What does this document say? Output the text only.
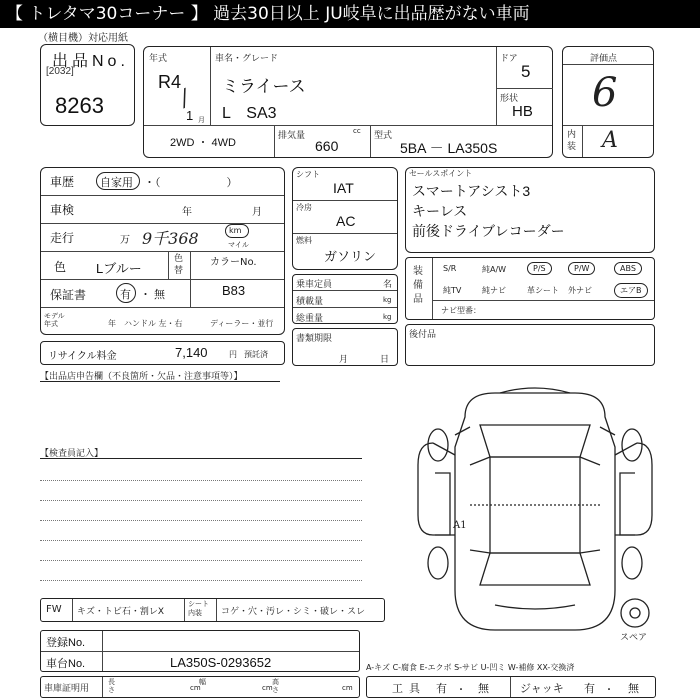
【 トレタマ30コーナー 】 過去30日以上 JU岐阜に出品歴がない車両
（横目機）対応用紙
出品No.
[2032]
8263
年式
R4
/
1 月
車名・グレード
ミライース
L　SA3
ドア
5
形状
HB
2WD ・ 4WD
排気量	cc
660
型式
5BA － LA350S
評価点
6
内装 A
車歴 自家用 ・（　　　　　　）
車検	年	月
走行	万 9千368	km
マイル
色 Lブルー
色替
カラーNo.
B83
保証書	有 ・ 無
モデル年式	年 ハンドル 左・右	ディーラー・並行
リサイクル料金	7,140	円 預託済
シフト
IAT
冷房
AC
燃料
ガソリン
乗車定員	名
積載量	kg
総重量	kg
書類期限
月	日
セールスポイント
スマートアシスト3
キーレス
前後ドライブレコーダー
装備品
ナビ型番：
後付品
【出品店申告欄（不良箇所・欠品・注意事項等）】
【検査員記入】
A1
スペア
FW キズ・トビ石・割レX
シート内装	コゲ・穴・汚レ・シミ・破レ・スレ
登録No.
車台No.	LA350S-0293652
車庫証明用
長さ	cm
幅
cm
高さ	cm
A-キズ C-腐食 E-エクボ S-サビ U-凹ミ W-補修 XX-交換済
工具 有 ・ 無	ジャッキ 有 ・ 無
S/R	純A/W	P/S	P/W	ABS
純TV	純ナビ	革シート 外ナビ	エアB
